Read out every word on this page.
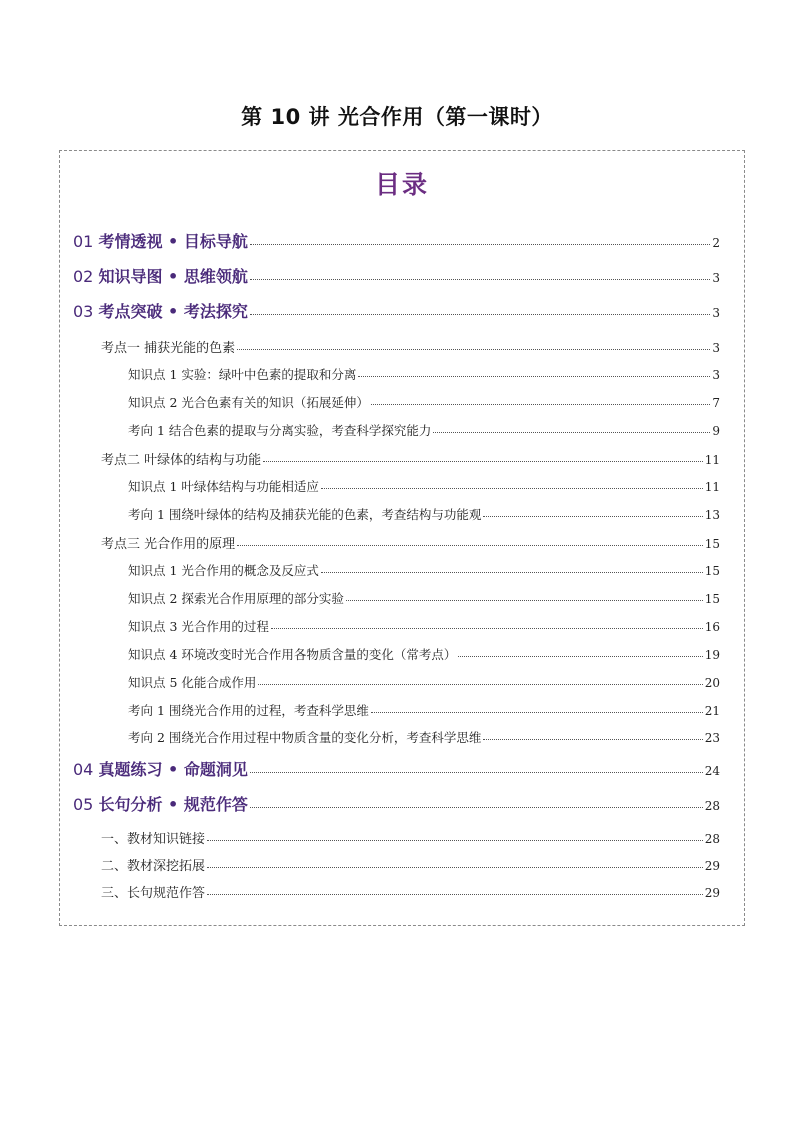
第 10 讲 光合作用（第一课时）
目录
01 考情透视 • 目标导航	2
02 知识导图 • 思维领航	3
03 考点突破 • 考法探究	3
考点一 捕获光能的色素	3
知识点 1 实验：绿叶中色素的提取和分离	3
知识点 2 光合色素有关的知识（拓展延伸）	7
考向 1 结合色素的提取与分离实验，考查科学探究能力	9
考点二 叶绿体的结构与功能	11
知识点 1 叶绿体结构与功能相适应	11
考向 1 围绕叶绿体的结构及捕获光能的色素，考查结构与功能观	13
考点三 光合作用的原理	15
知识点 1 光合作用的概念及反应式	15
知识点 2 探索光合作用原理的部分实验	15
知识点 3 光合作用的过程	16
知识点 4 环境改变时光合作用各物质含量的变化（常考点）	19
知识点 5 化能合成作用	20
考向 1 围绕光合作用的过程，考查科学思维	21
考向 2 围绕光合作用过程中物质含量的变化分析，考查科学思维	23
04 真题练习 • 命题洞见	24
05 长句分析 • 规范作答	28
一、教材知识链接	28
二、教材深挖拓展	29
三、长句规范作答	29
